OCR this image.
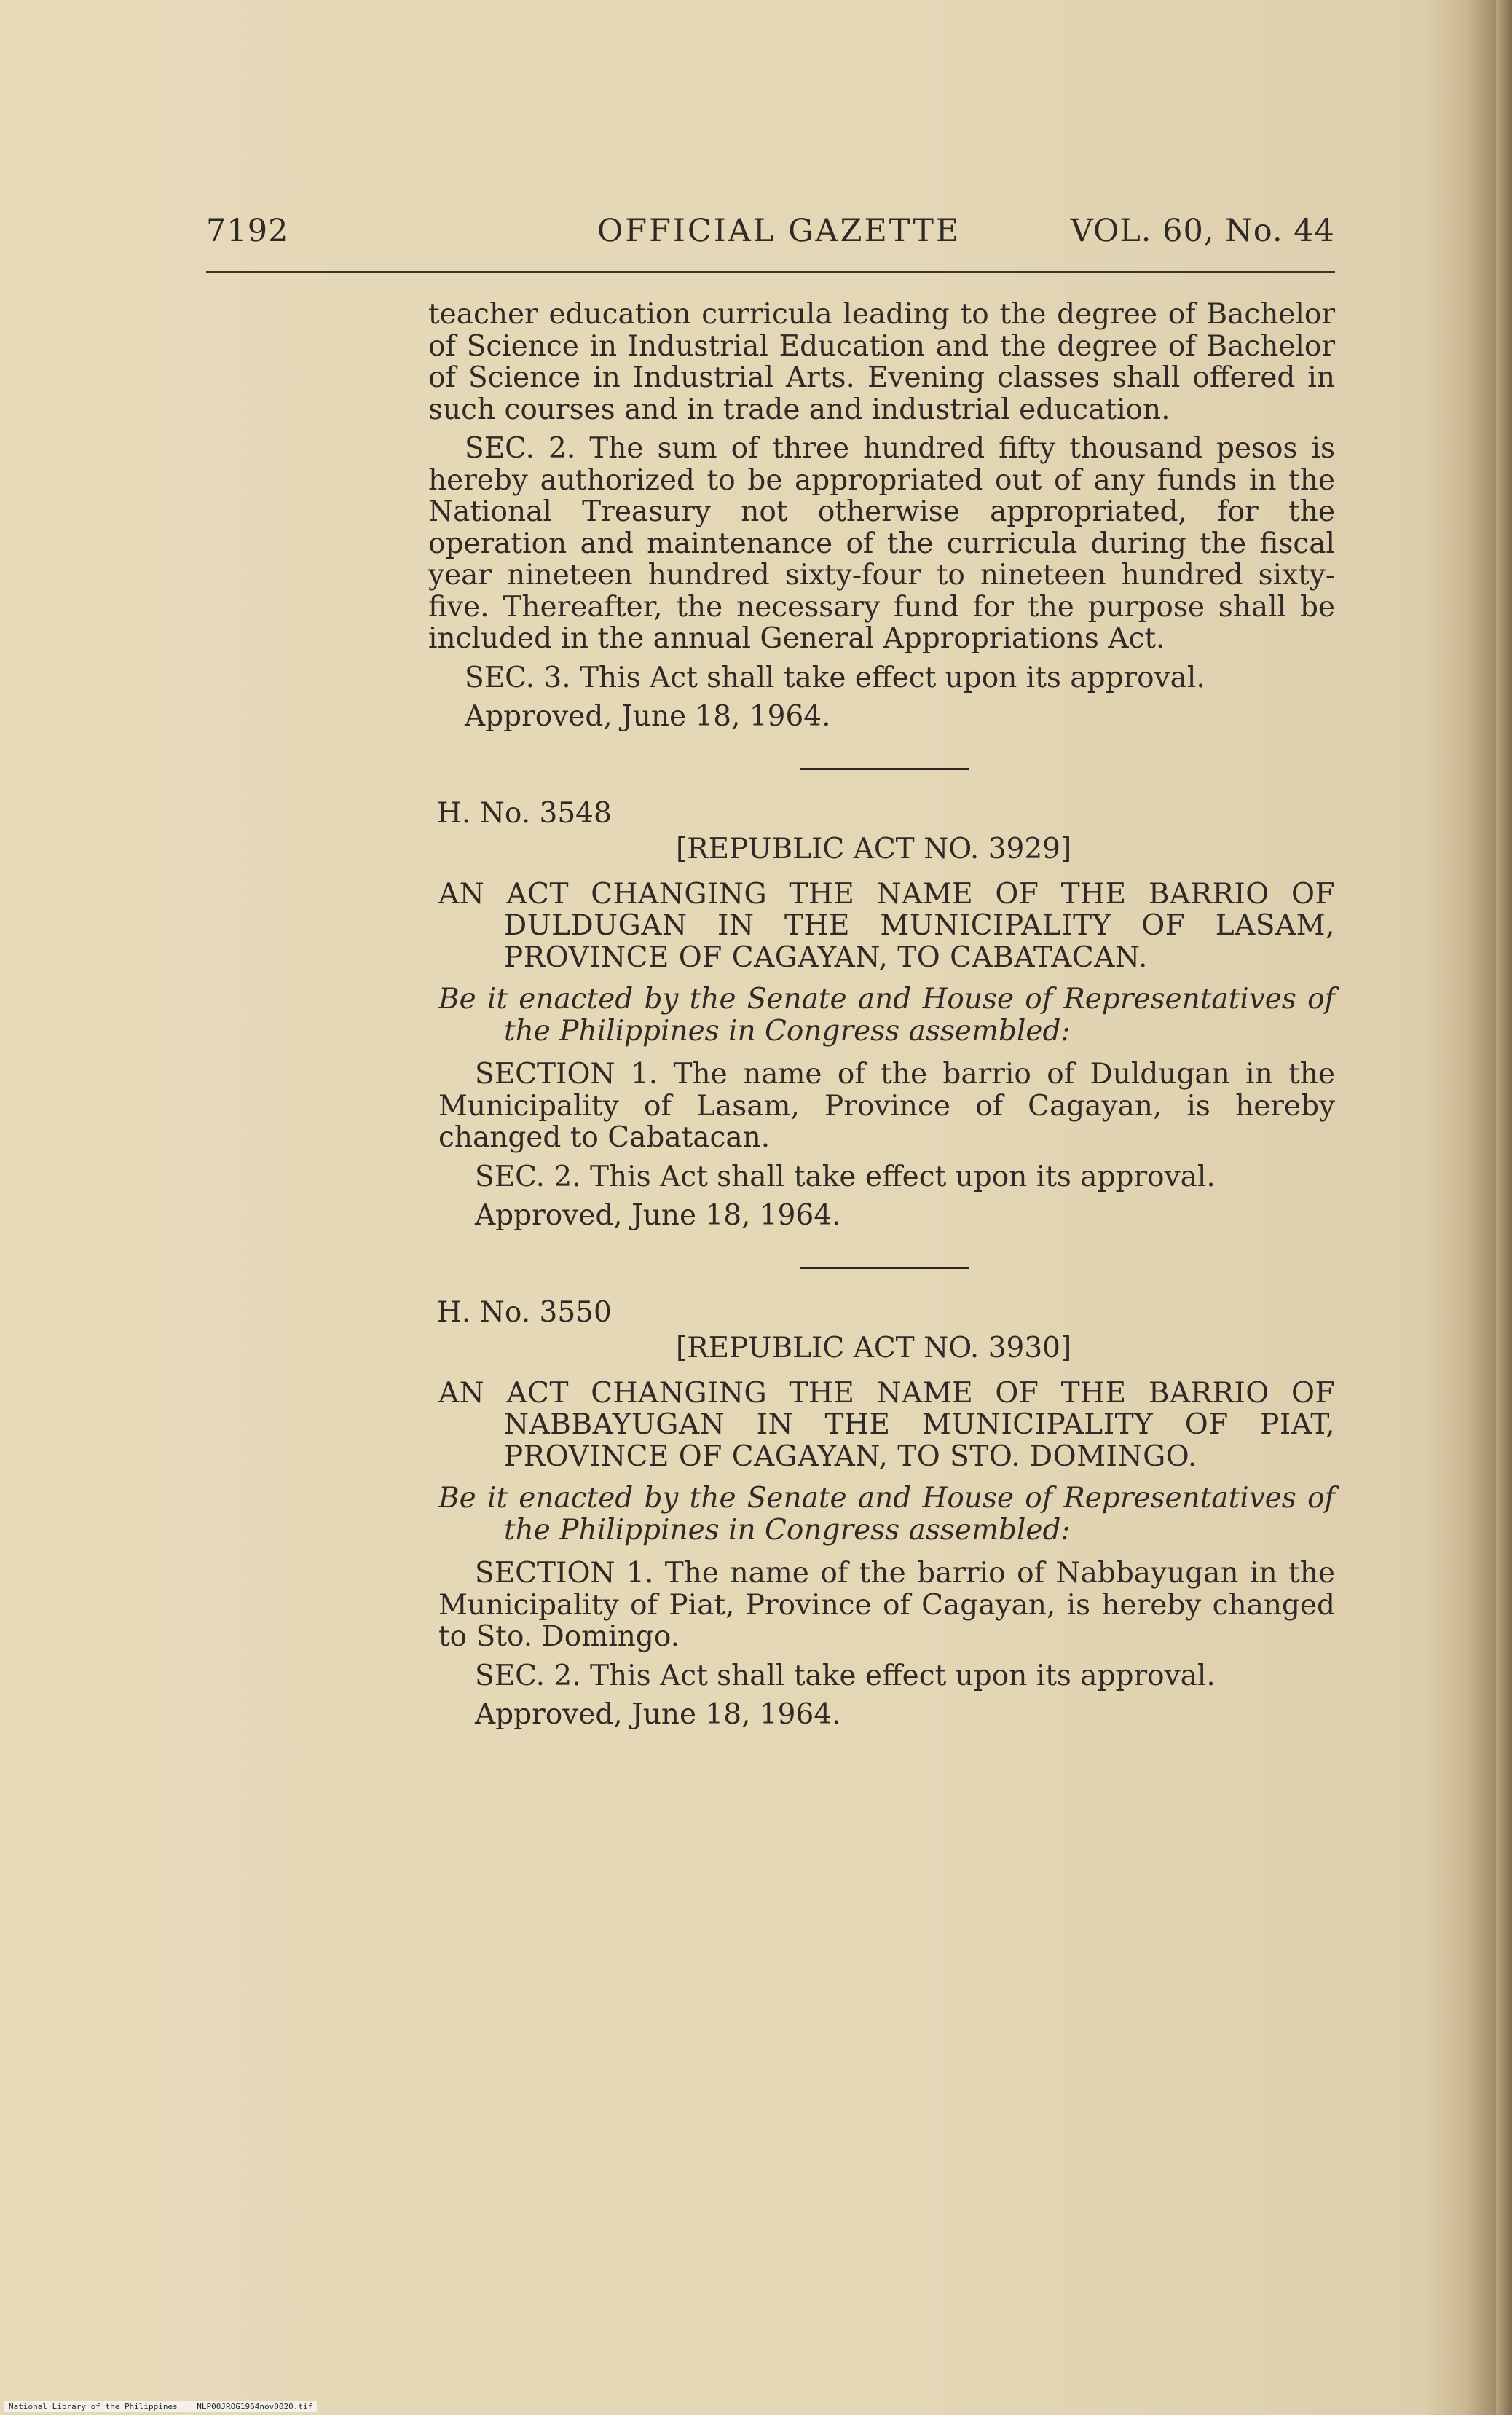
7192	OFFICIAL GAZETTE	VOL. 60, No. 44

teacher education curricula leading to the degree of Bachelor of Science in Industrial Education and the degree of Bachelor of Science in Industrial Arts. Evening classes shall offered in such courses and in trade and industrial education.

SEC. 2. The sum of three hundred fifty thousand pesos is hereby authorized to be appropriated out of any funds in the National Treasury not otherwise appropriated, for the operation and maintenance of the curricula during the fiscal year nineteen hundred sixty-four to nineteen hundred sixty-five. Thereafter, the necessary fund for the purpose shall be included in the annual General Appropriations Act.

SEC. 3. This Act shall take effect upon its approval.

Approved, June 18, 1964.

H. No. 3548

[REPUBLIC ACT NO. 3929]

AN ACT CHANGING THE NAME OF THE BARRIO OF DULDUGAN IN THE MUNICIPALITY OF LASAM, PROVINCE OF CAGAYAN, TO CABATACAN.

Be it enacted by the Senate and House of Representatives of the Philippines in Congress assembled:

SECTION 1. The name of the barrio of Duldugan in the Municipality of Lasam, Province of Cagayan, is hereby changed to Cabatacan.

SEC. 2. This Act shall take effect upon its approval.

Approved, June 18, 1964.

H. No. 3550

[REPUBLIC ACT NO. 3930]

AN ACT CHANGING THE NAME OF THE BARRIO OF NABBAYUGAN IN THE MUNICIPALITY OF PIAT, PROVINCE OF CAGAYAN, TO STO. DOMINGO.

Be it enacted by the Senate and House of Representatives of the Philippines in Congress assembled:

SECTION 1. The name of the barrio of Nabbayugan in the Municipality of Piat, Province of Cagayan, is hereby changed to Sto. Domingo.

SEC. 2. This Act shall take effect upon its approval.

Approved, June 18, 1964.

National Library of the Philippines NLP00JROG1964nov0020.tif
